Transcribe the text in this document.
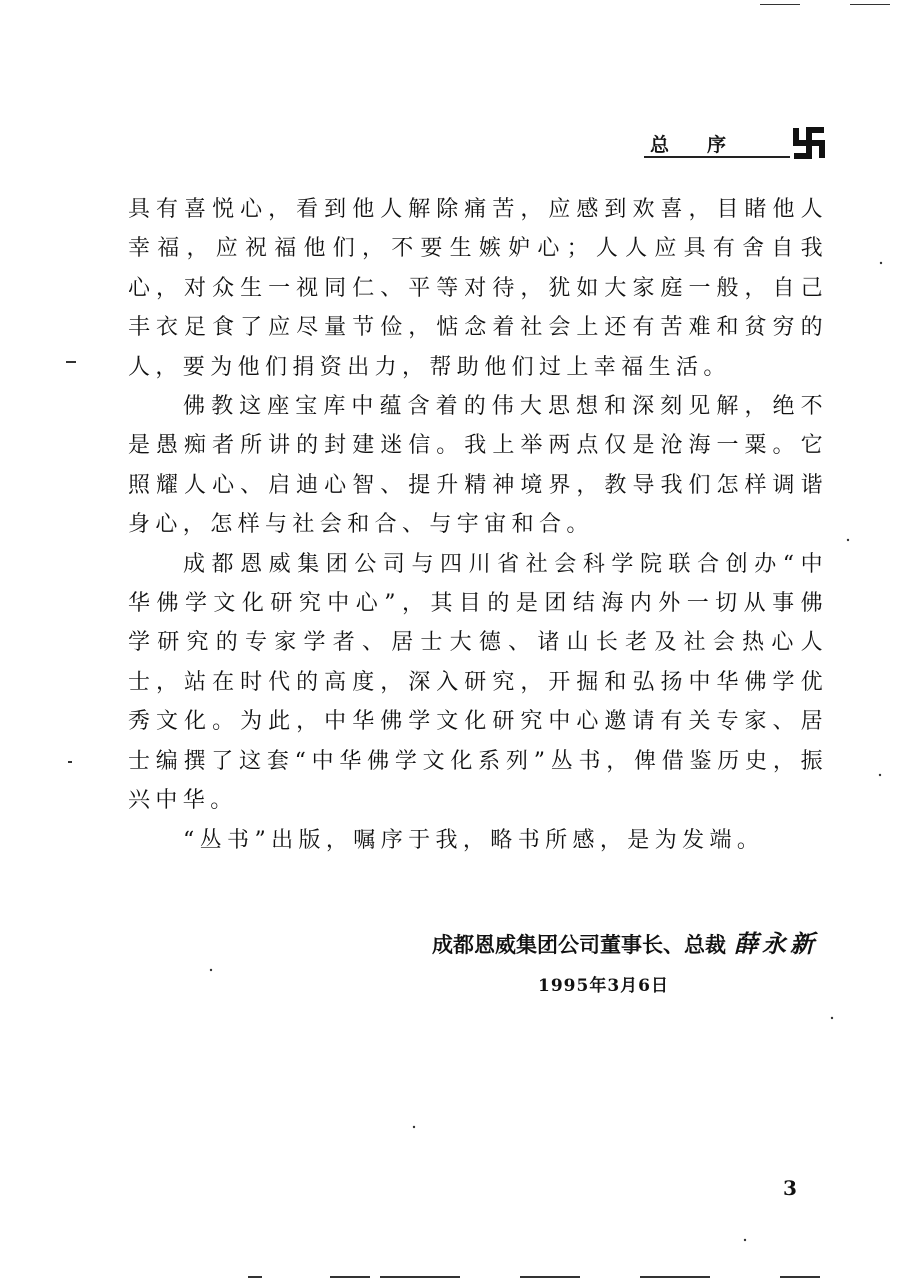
总序

具有喜悦心，看到他人解除痛苦，应感到欢喜，目睹他人幸福，应祝福他们，不要生嫉妒心；人人应具有舍自我心，对众生一视同仁、平等对待，犹如大家庭一般，自己丰衣足食了应尽量节俭，惦念着社会上还有苦难和贫穷的人，要为他们捐资出力，帮助他们过上幸福生活。

佛教这座宝库中蕴含着的伟大思想和深刻见解，绝不是愚痴者所讲的封建迷信。我上举两点仅是沧海一粟。它照耀人心、启迪心智、提升精神境界，教导我们怎样调谐身心，怎样与社会和合、与宇宙和合。

成都恩威集团公司与四川省社会科学院联合创办“中华佛学文化研究中心”，其目的是团结海内外一切从事佛学研究的专家学者、居士大德、诸山长老及社会热心人士，站在时代的高度，深入研究，开掘和弘扬中华佛学优秀文化。为此，中华佛学文化研究中心邀请有关专家、居士编撰了这套“中华佛学文化系列”丛书，俾借鉴历史，振兴中华。

“丛书”出版，嘱序于我，略书所感，是为发端。

成都恩威集团公司董事长、总裁 薛永新
1995年3月6日
3
